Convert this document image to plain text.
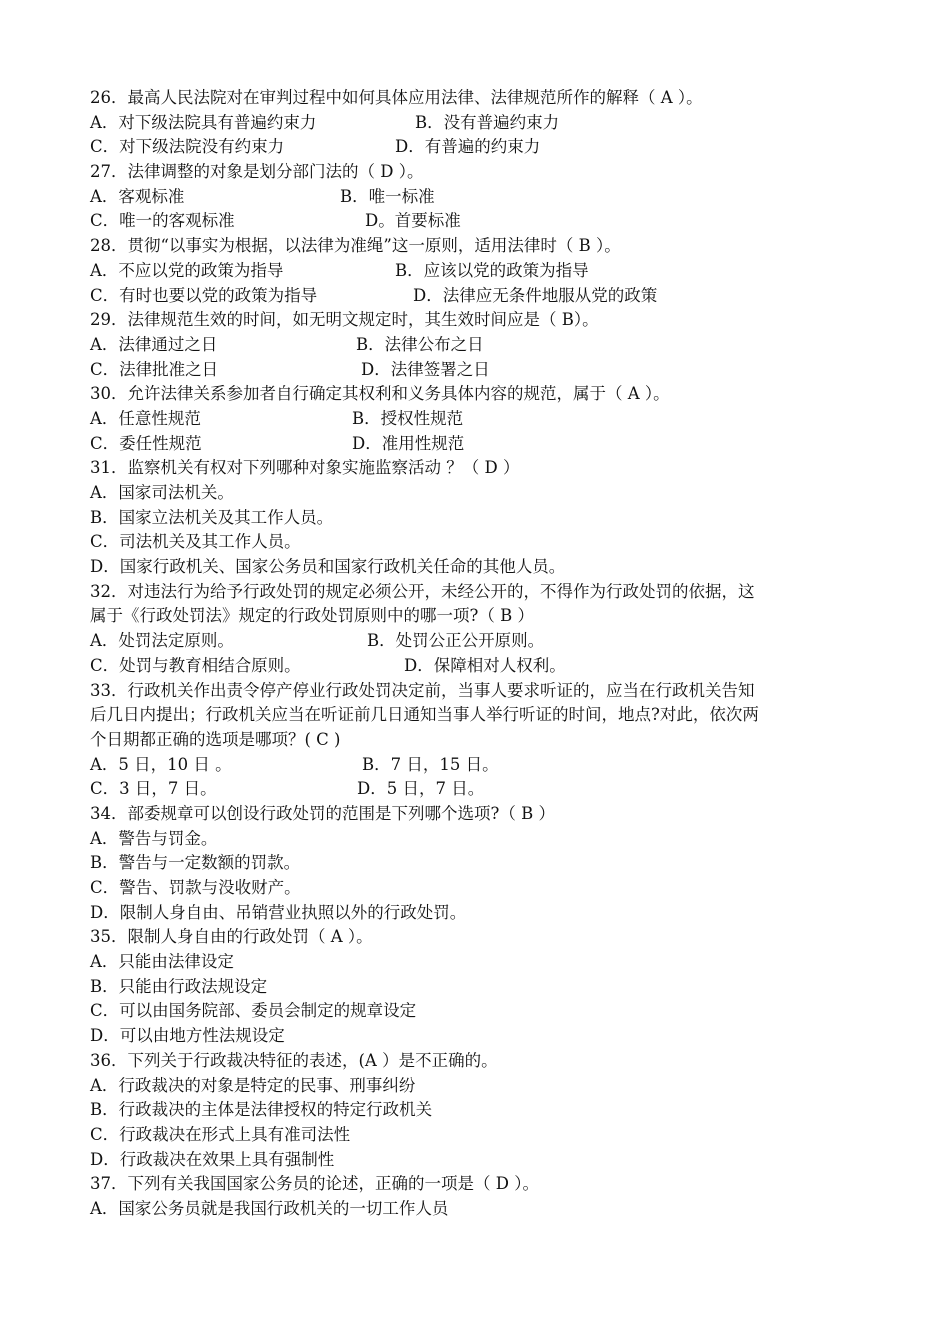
26．最高人民法院对在审判过程中如何具体应用法律、法律规范所作的解释（ A ）。
A．对下级法院具有普遍约束力	B．没有普遍约束力
C．对下级法院没有约束力	D．有普遍的约束力
27．法律调整的对象是划分部门法的（ D ）。
A．客观标准	B．唯一标准
C．唯一的客观标准	D。首要标准
28．贯彻“以事实为根据，以法律为准绳”这一原则，适用法律时（ B ）。
A．不应以党的政策为指导	B．应该以党的政策为指导
C．有时也要以党的政策为指导	D．法律应无条件地服从党的政策
29．法律规范生效的时间，如无明文规定时，其生效时间应是（ B）。
A．法律通过之日	B．法律公布之日
C．法律批准之日	D．法律签署之日
30．允许法律关系参加者自行确定其权利和义务具体内容的规范，属于（ A ）。
A．任意性规范	B．授权性规范
C．委任性规范	D．准用性规范
31．监察机关有权对下列哪种对象实施监察活动 ？（ D ）
A．国家司法机关。
B．国家立法机关及其工作人员。
C．司法机关及其工作人员。
D．国家行政机关、国家公务员和国家行政机关任命的其他人员。
32．对违法行为给予行政处罚的规定必须公开，未经公开的，不得作为行政处罚的依据，这
属于《行政处罚法》规定的行政处罚原则中的哪一项?（ B ）
A．处罚法定原则。	B．处罚公正公开原则。
C．处罚与教育相结合原则。	D．保障相对人权利。
33．行政机关作出责令停产停业行政处罚决定前，当事人要求听证的，应当在行政机关告知
后几日内提出；行政机关应当在听证前几日通知当事人举行听证的时间，地点?对此，依次两
个日期都正确的选项是哪项？( C )
A．5 日，10 日 。	B．7 日，15 日。
C．3 日，7 日。	D．5 日，7 日。
34．部委规章可以创设行政处罚的范围是下列哪个选项?（ B ）
A．警告与罚金。
B．警告与一定数额的罚款。
C．警告、罚款与没收财产。
D．限制人身自由、吊销营业执照以外的行政处罚。
35．限制人身自由的行政处罚（ A ）。
A．只能由法律设定
B．只能由行政法规设定
C．可以由国务院部、委员会制定的规章设定
D．可以由地方性法规设定
36．下列关于行政裁决特征的表述，(A ）是不正确的。
A．行政裁决的对象是特定的民事、刑事纠纷
B．行政裁决的主体是法律授权的特定行政机关
C．行政裁决在形式上具有准司法性
D．行政裁决在效果上具有强制性
37．下列有关我国国家公务员的论述，正确的一项是（ D ）。
A．国家公务员就是我国行政机关的一切工作人员
